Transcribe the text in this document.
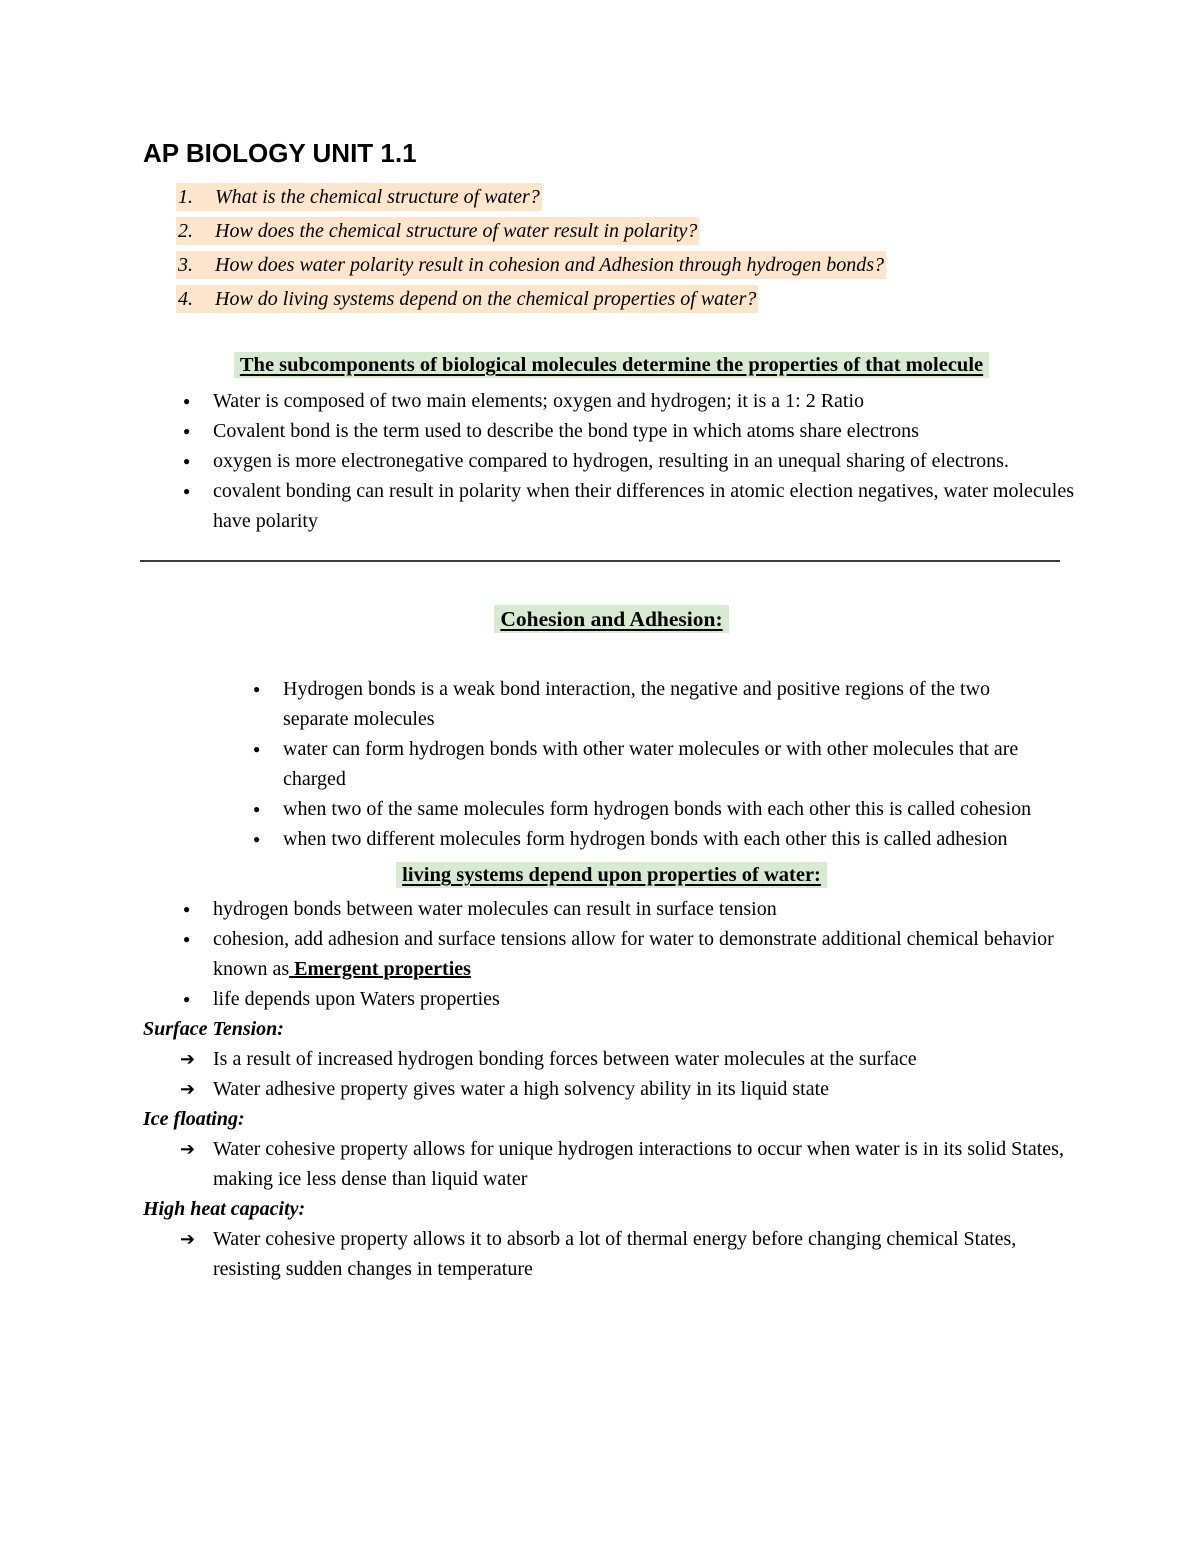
AP BIOLOGY UNIT 1.1
1. What is the chemical structure of water?
2. How does the chemical structure of water result in polarity?
3. How does water polarity result in cohesion and Adhesion through hydrogen bonds?
4. How do living systems depend on the chemical properties of water?
The subcomponents of biological molecules determine the properties of that molecule
● Water is composed of two main elements; oxygen and hydrogen; it is a 1: 2 Ratio
● Covalent bond is the term used to describe the bond type in which atoms share electrons
● oxygen is more electronegative compared to hydrogen, resulting in an unequal sharing of electrons.
● covalent bonding can result in polarity when their differences in atomic election negatives, water molecules have polarity
Cohesion and Adhesion:
● Hydrogen bonds is a weak bond interaction, the negative and positive regions of the two separate molecules
● water can form hydrogen bonds with other water molecules or with other molecules that are charged
● when two of the same molecules form hydrogen bonds with each other this is called cohesion
● when two different molecules form hydrogen bonds with each other this is called adhesion
living systems depend upon properties of water:
● hydrogen bonds between water molecules can result in surface tension
● cohesion, add adhesion and surface tensions allow for water to demonstrate additional chemical behavior known as Emergent properties
● life depends upon Waters properties
Surface Tension:
➔ Is a result of increased hydrogen bonding forces between water molecules at the surface
➔ Water adhesive property gives water a high solvency ability in its liquid state
Ice floating:
➔ Water cohesive property allows for unique hydrogen interactions to occur when water is in its solid States, making ice less dense than liquid water
High heat capacity:
➔ Water cohesive property allows it to absorb a lot of thermal energy before changing chemical States, resisting sudden changes in temperature
